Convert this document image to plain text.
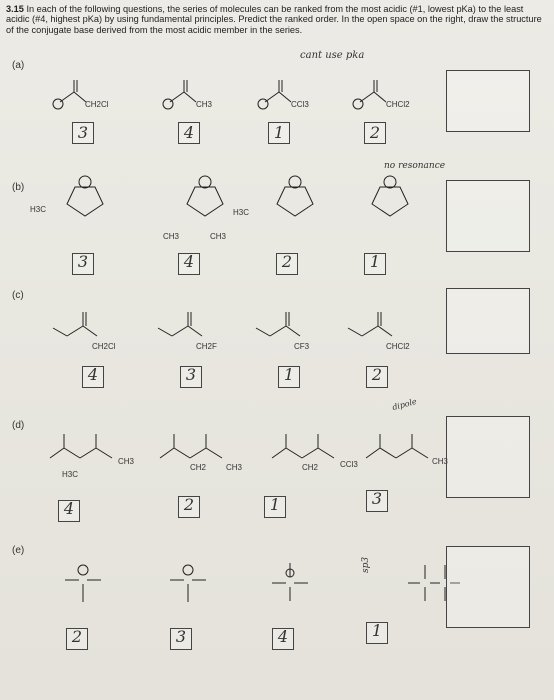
3.15 In each of the following questions, the series of molecules can be ranked from the most acidic (#1, lowest pKa) to the least acidic (#4, highest pKa) by using fundamental principles. Predict the ranked order. In the open space on the right, draw the structure of the conjugate base derived from the most acidic member in the series.
cant use pka
no resonance
dipole
sp3
(a)
(b)
(c)
(d)
(e)
CH2Cl	CH3	CCl3	CHCl2
3	4	1	2
H3C
CH3	CH3
H3C
3	4	2	1
CH2Cl	CH2F	CF3	CHCl2
4	3	1	2
CH3
H3C
CH2 CH3	CH2	CCl3	CH3
4	2	1	3
2	3	4	1
